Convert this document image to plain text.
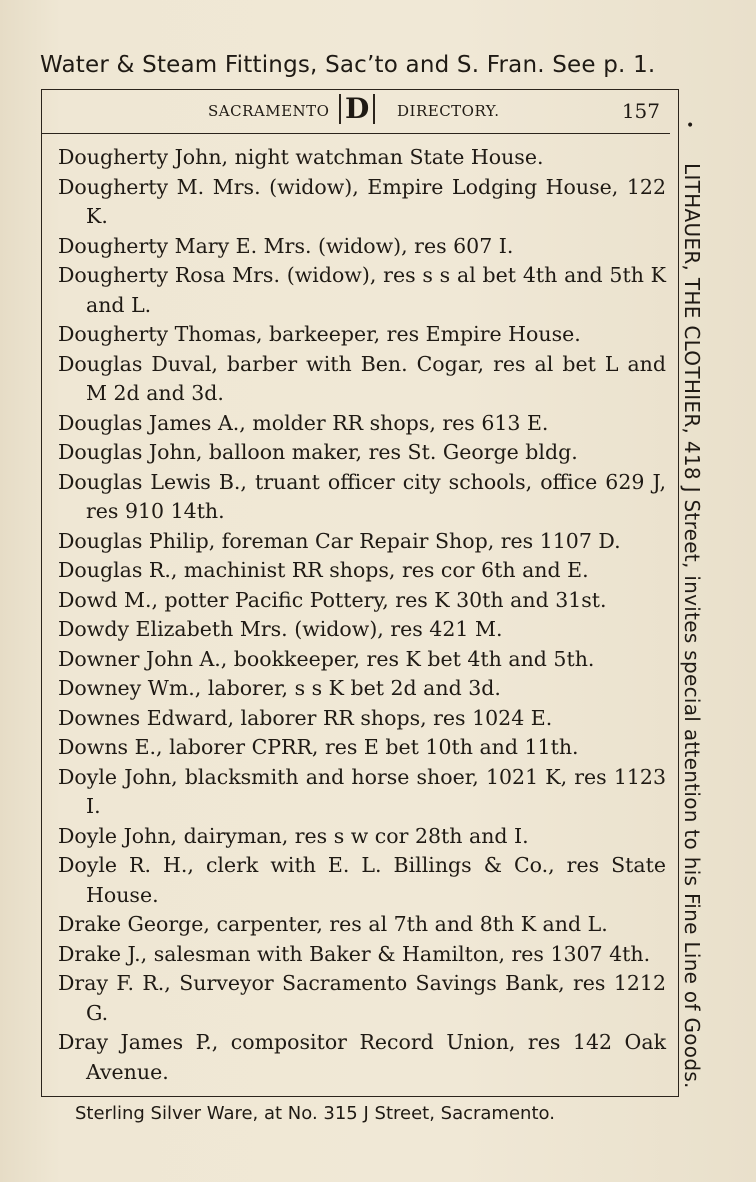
Water & Steam Fittings, Sac’to and S. Fran. See p. 1.
•
SACRAMENTO D	DIRECTORY.	157
Dougherty John, night watchman State House.
Dougherty M. Mrs. (widow), Empire Lodging House, 122 K.
Dougherty Mary E. Mrs. (widow), res 607 I.
Dougherty Rosa Mrs. (widow), res s s al bet 4th and 5th K and L.
Dougherty Thomas, barkeeper, res Empire House.
Douglas Duval, barber with Ben. Cogar, res al bet L and M 2d and 3d.
Douglas James A., molder RR shops, res 613 E.
Douglas John, balloon maker, res St. George bldg.
Douglas Lewis B., truant officer city schools, office 629 J, res 910 14th.
Douglas Philip, foreman Car Repair Shop, res 1107 D.
Douglas R., machinist RR shops, res cor 6th and E.
Dowd M., potter Pacific Pottery, res K 30th and 31st.
Dowdy Elizabeth Mrs. (widow), res 421 M.
Downer John A., bookkeeper, res K bet 4th and 5th.
Downey Wm., laborer, s s K bet 2d and 3d.
Downes Edward, laborer RR shops, res 1024 E.
Downs E., laborer CPRR, res E bet 10th and 11th.
Doyle John, blacksmith and horse shoer, 1021 K, res 1123 I.
Doyle John, dairyman, res s w cor 28th and I.
Doyle R. H., clerk with E. L. Billings & Co., res State House.
Drake George, carpenter, res al 7th and 8th K and L.
Drake J., salesman with Baker & Hamilton, res 1307 4th.
Dray F. R., Surveyor Sacramento Savings Bank, res 1212 G.
Dray James P., compositor Record Union, res 142 Oak Avenue.	LITHAUER, THE CLOTHIER, 418 J Street, invites special attention to his Fine Line of Goods.
Sterling Silver Ware, at No. 315 J Street, Sacramento.
